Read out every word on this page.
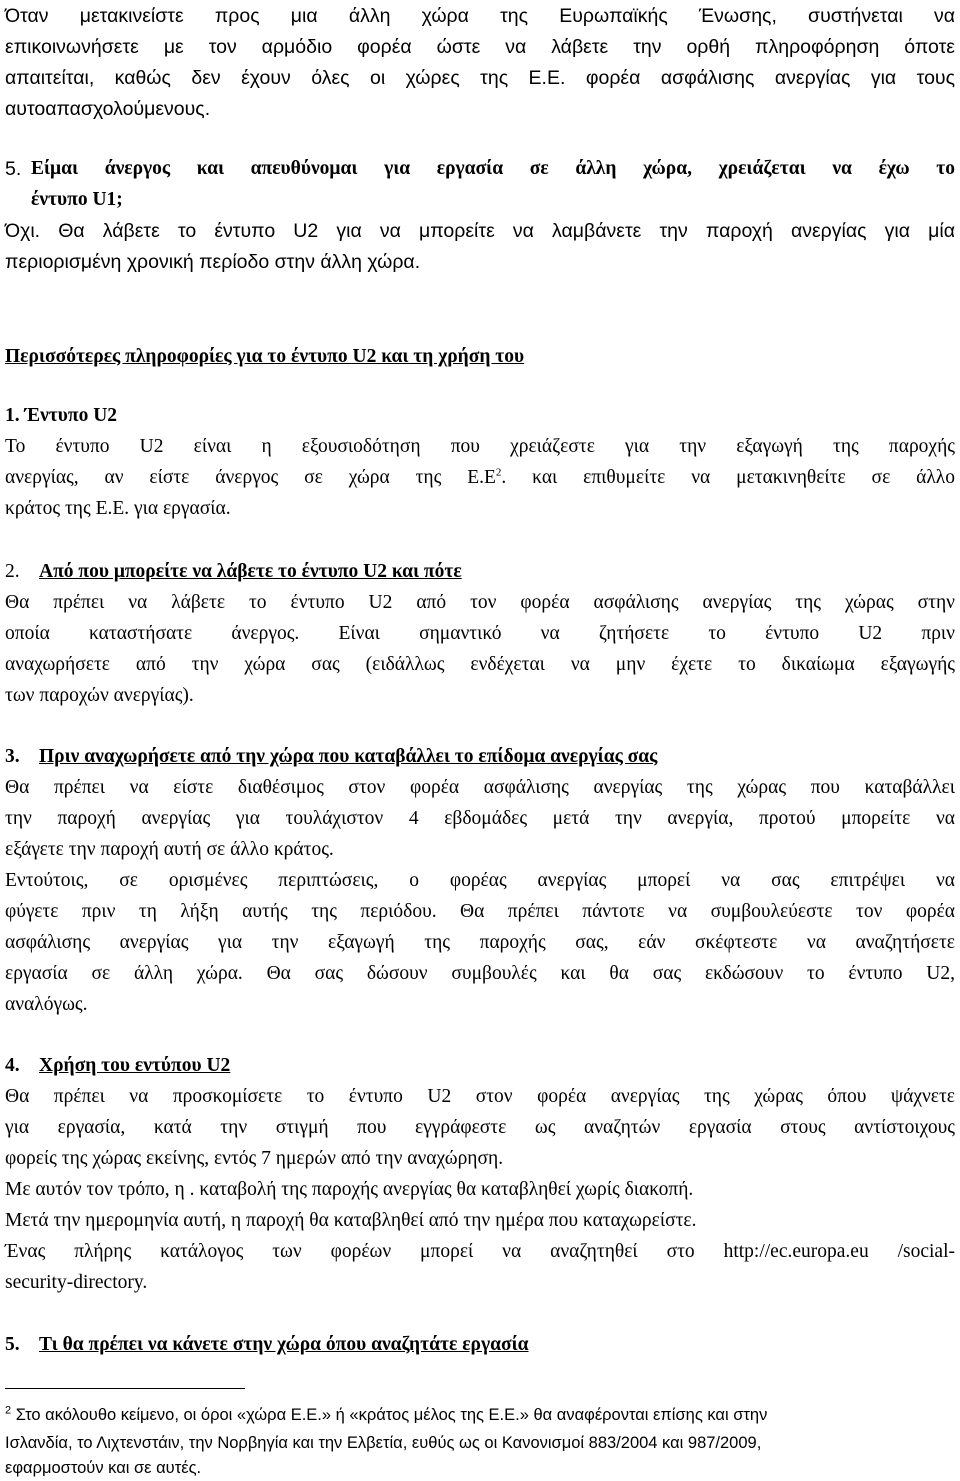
Όταν μετακινείστε προς μια άλλη χώρα της Ευρωπαϊκής Ένωσης, συστήνεται να
επικοινωνήσετε με τον αρμόδιο φορέα ώστε να λάβετε την ορθή πληροφόρηση όποτε
απαιτείται, καθώς δεν έχουν όλες οι χώρες της Ε.Ε. φορέα ασφάλισης ανεργίας για τους
αυτοαπασχολούμενους.
5. Είμαι άνεργος και απευθύνομαι για εργασία σε άλλη χώρα, χρειάζεται να έχω το
έντυπο U1;
Όχι. Θα λάβετε το έντυπο U2 για να μπορείτε να λαμβάνετε την παροχή ανεργίας για μία
περιορισμένη χρονική περίοδο στην άλλη χώρα.
Περισσότερες πληροφορίες για το έντυπο U2 και τη χρήση του
1. Έντυπο U2
Το έντυπο U2 είναι η εξουσιοδότηση που χρειάζεστε για την εξαγωγή της παροχής
ανεργίας, αν είστε άνεργος σε χώρα της $E.E^2$. και επιθυμείτε να μετακινηθείτε σε άλλο
κράτος της Ε.Ε. για εργασία.
2. Από που μπορείτε να λάβετε το έντυπο U2 και πότε
Θα πρέπει να λάβετε το έντυπο U2 από τον φορέα ασφάλισης ανεργίας της χώρας στην
οποία καταστήσατε άνεργος. Είναι σημαντικό να ζητήσετε το έντυπο U2 πριν
αναχωρήσετε από την χώρα σας (ειδάλλως ενδέχεται να μην έχετε το δικαίωμα εξαγωγής
των παροχών ανεργίας).
3. Πριν αναχωρήσετε από την χώρα που καταβάλλει το επίδομα ανεργίας σας
Θα πρέπει να είστε διαθέσιμος στον φορέα ασφάλισης ανεργίας της χώρας που καταβάλλει
την παροχή ανεργίας για τουλάχιστον 4 εβδομάδες μετά την ανεργία, προτού μπορείτε να
εξάγετε την παροχή αυτή σε άλλο κράτος.
Εντούτοις, σε ορισμένες περιπτώσεις, ο φορέας ανεργίας μπορεί να σας επιτρέψει να
φύγετε πριν τη λήξη αυτής της περιόδου. Θα πρέπει πάντοτε να συμβουλεύεστε τον φορέα
ασφάλισης ανεργίας για την εξαγωγή της παροχής σας, εάν σκέφτεστε να αναζητήσετε
εργασία σε άλλη χώρα. Θα σας δώσουν συμβουλές και θα σας εκδώσουν το έντυπο U2,
αναλόγως.
4. Χρήση του εντύπου U2
Θα πρέπει να προσκομίσετε το έντυπο U2 στον φορέα ανεργίας της χώρας όπου ψάχνετε
για εργασία, κατά την στιγμή που εγγράφεστε ως αναζητών εργασία στους αντίστοιχους
φορείς της χώρας εκείνης, εντός 7 ημερών από την αναχώρηση.
Με αυτόν τον τρόπο, η . καταβολή της παροχής ανεργίας θα καταβληθεί χωρίς διακοπή.
Μετά την ημερομηνία αυτή, η παροχή θα καταβληθεί από την ημέρα που καταχωρείστε.
Ένας πλήρης κατάλογος των φορέων μπορεί να αναζητηθεί στο http://ec.europa.eu /social-
security-directory.
5. Τι θα πρέπει να κάνετε στην χώρα όπου αναζητάτε εργασία
$^2$ Στο ακόλουθο κείμενο, οι όροι «χώρα Ε.Ε.» ή «κράτος μέλος της Ε.Ε.» θα αναφέρονται επίσης και στην
Ισλανδία, το Λιχτενστάιν, την Νορβηγία και την Ελβετία, ευθύς ως οι Κανονισμοί 883/2004 και 987/2009,
εφαρμοστούν και σε αυτές.
